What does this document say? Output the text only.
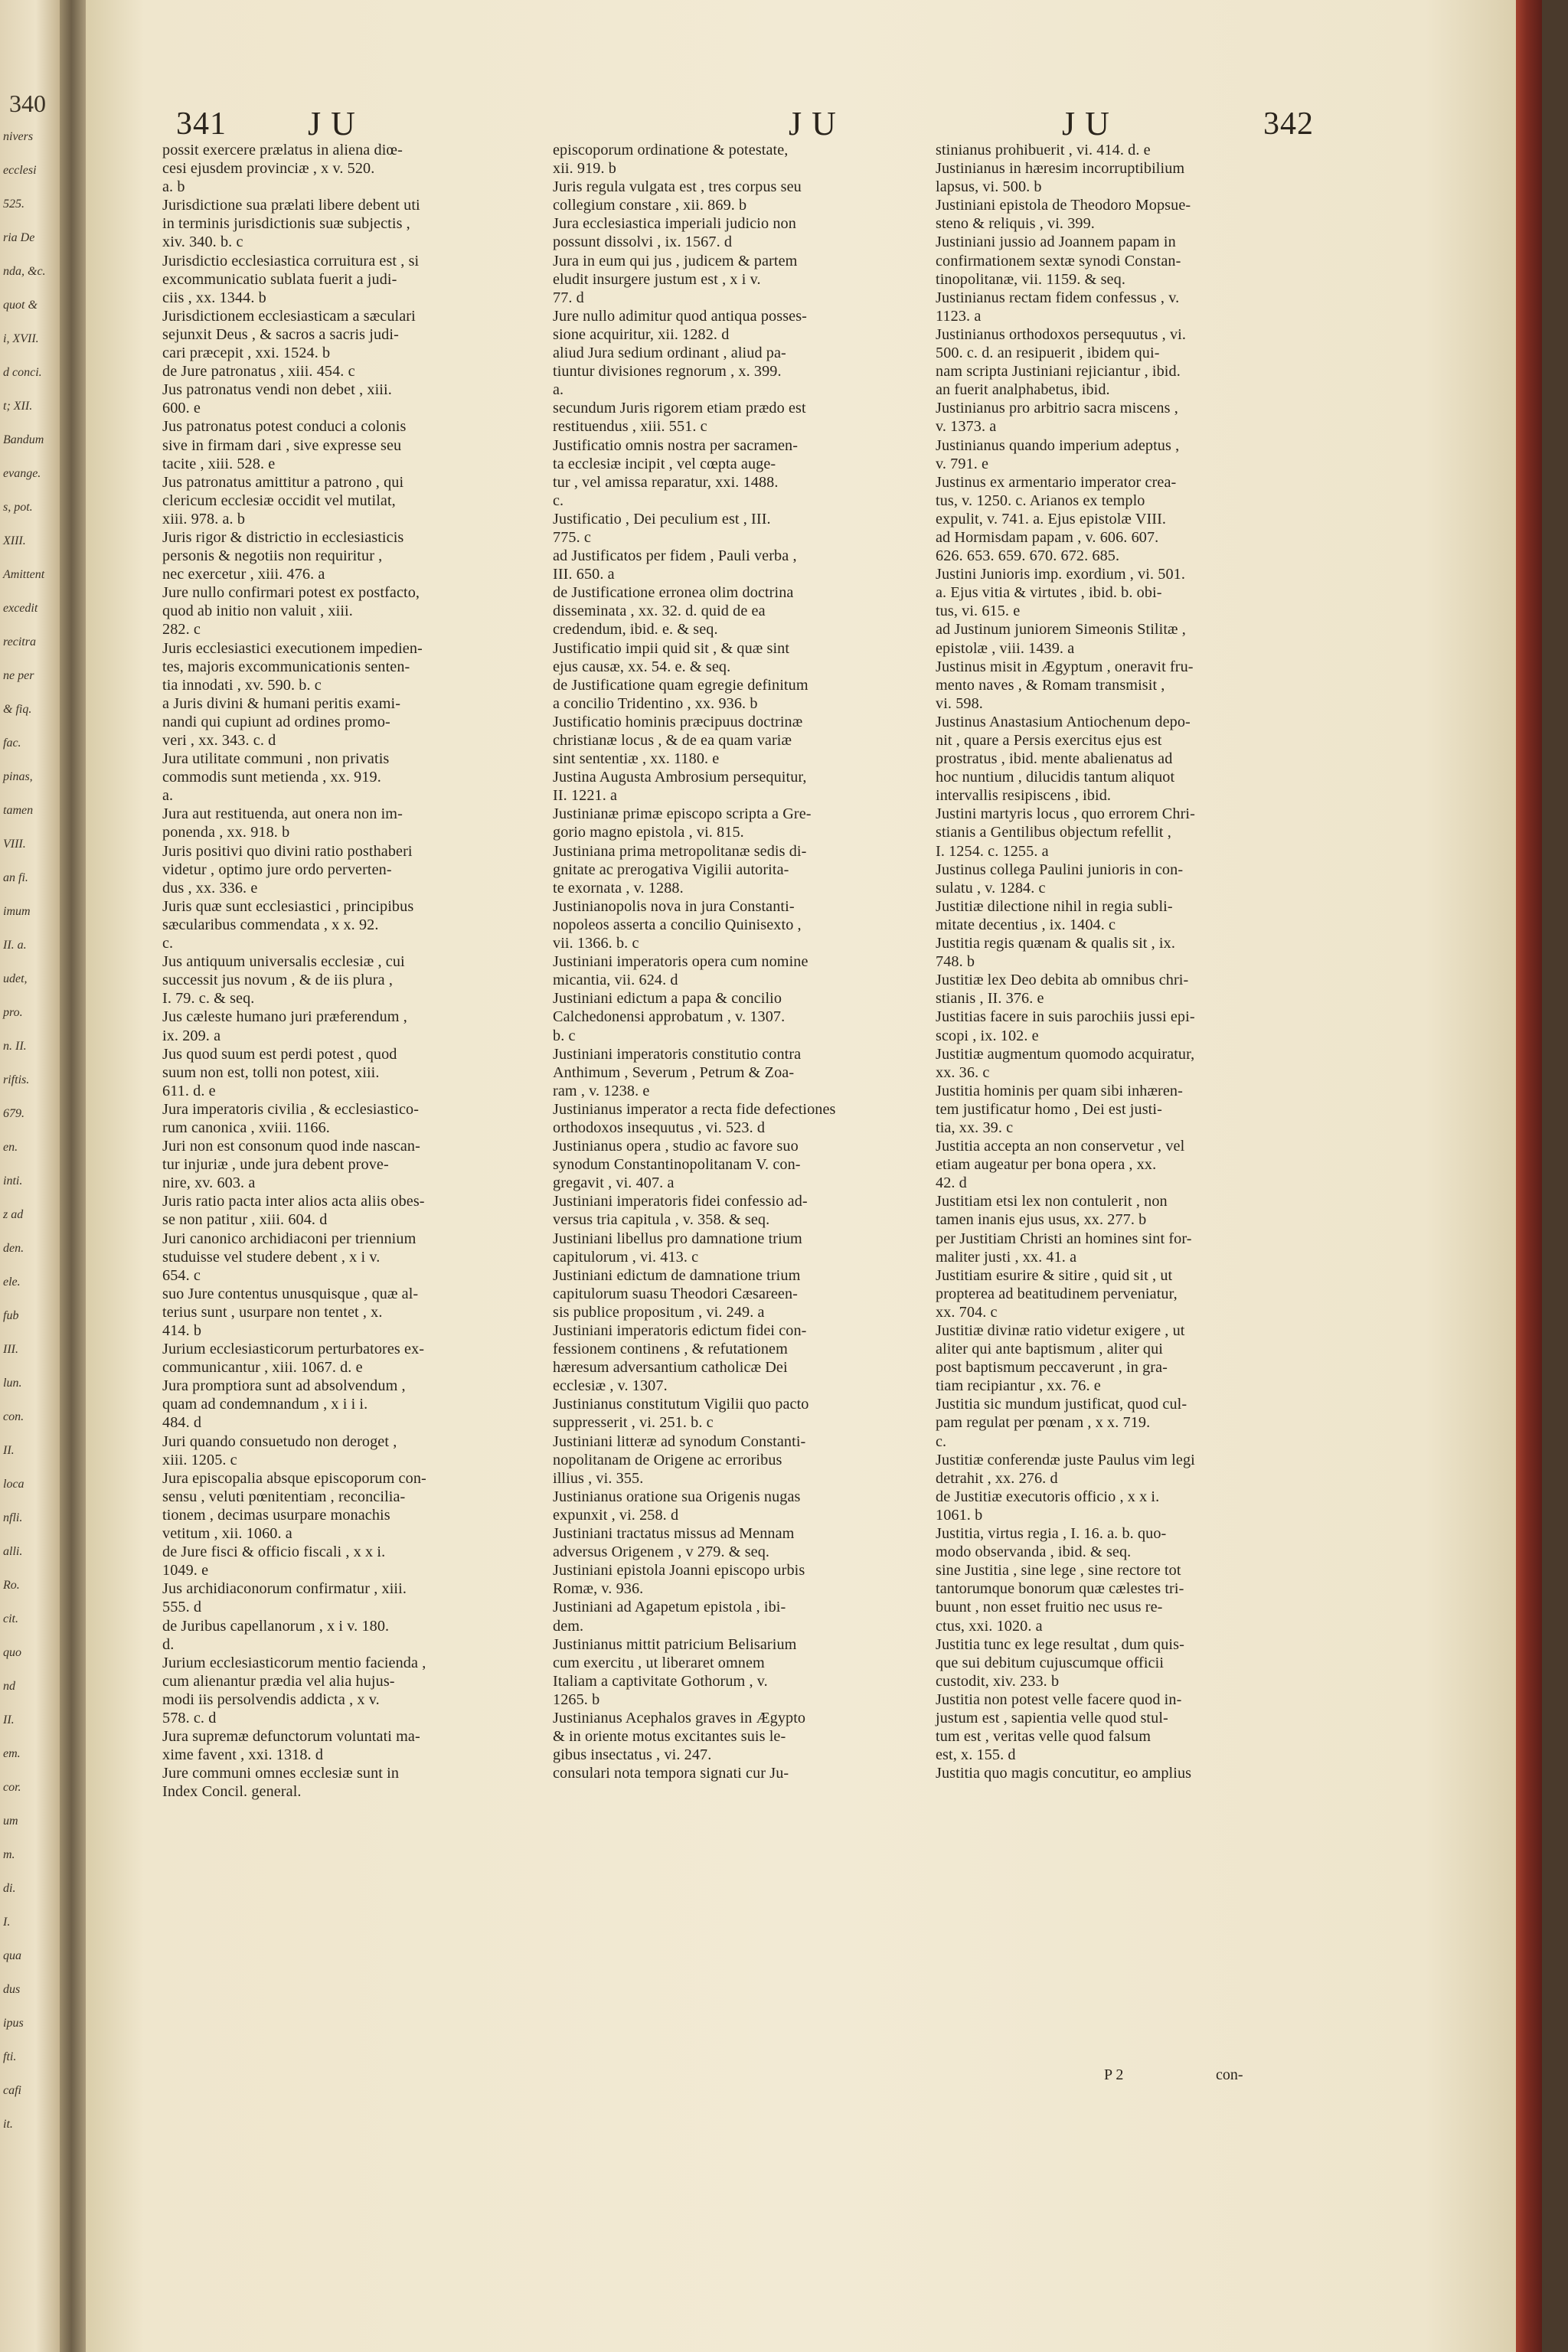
340
nivers
ecclesi
525.
ria De
nda, &c.
quot &
i, XVII.
d conci.
t; XII.
Bandum
evange.
s, pot.
XIII.
Amittent
excedit
recitra
ne per
& fiq.
fac.
pinas,
tamen
VIII.
an fi.
imum
II. a.
udet,
pro.
n. II.
riftis.
679.
en.
inti.
z ad
den.
ele.
fub
III.
lun.
con.
II.
loca
nfli.
alli.
Ro.
cit.
quo
nd
II.
em.
cor.
um
m.
di.
I.
qua
dus
ipus
fti.
cafi
it.
341 J U	J U	J U	342
possit exercere prælatus in aliena diœ-
cesi ejusdem provinciæ , x v. 520.
a. b
Jurisdictione sua prælati libere debent uti
in terminis jurisdictionis suæ subjectis ,
xiv. 340. b. c
Jurisdictio ecclesiastica corruitura est , si
excommunicatio sublata fuerit a judi-
ciis , xx. 1344. b
Jurisdictionem ecclesiasticam a sæculari
sejunxit Deus , & sacros a sacris judi-
cari præcepit , xxi. 1524. b
de Jure patronatus , xiii. 454. c
Jus patronatus vendi non debet , xiii.
600. e
Jus patronatus potest conduci a colonis
sive in firmam dari , sive expresse seu
tacite , xiii. 528. e
Jus patronatus amittitur a patrono , qui
clericum ecclesiæ occidit vel mutilat,
xiii. 978. a. b
Juris rigor & districtio in ecclesiasticis
personis & negotiis non requiritur ,
nec exercetur , xiii. 476. a
Jure nullo confirmari potest ex postfacto,
quod ab initio non valuit , xiii.
282. c
Juris ecclesiastici executionem impedien-
tes, majoris excommunicationis senten-
tia innodati , xv. 590. b. c
a Juris divini & humani peritis exami-
nandi qui cupiunt ad ordines promo-
veri , xx. 343. c. d
Jura utilitate communi , non privatis
commodis sunt metienda , xx. 919.
a.
Jura aut restituenda, aut onera non im-
ponenda , xx. 918. b
Juris positivi quo divini ratio posthaberi
videtur , optimo jure ordo perverten-
dus , xx. 336. e
Juris quæ sunt ecclesiastici , principibus
sæcularibus commendata , x x. 92.
c.
Jus antiquum universalis ecclesiæ , cui
successit jus novum , & de iis plura ,
I. 79. c. & seq.
Jus cæleste humano juri præferendum ,
ix. 209. a
Jus quod suum est perdi potest , quod
suum non est, tolli non potest, xiii.
611. d. e
Jura imperatoris civilia , & ecclesiastico-
rum canonica , xviii. 1166.
Juri non est consonum quod inde nascan-
tur injuriæ , unde jura debent prove-
nire, xv. 603. a
Juris ratio pacta inter alios acta aliis obes-
se non patitur , xiii. 604. d
Juri canonico archidiaconi per triennium
studuisse vel studere debent , x i v.
654. c
suo Jure contentus unusquisque , quæ al-
terius sunt , usurpare non tentet , x.
414. b
Jurium ecclesiasticorum perturbatores ex-
communicantur , xiii. 1067. d. e
Jura promptiora sunt ad absolvendum ,
quam ad condemnandum , x i i i.
484. d
Juri quando consuetudo non deroget ,
xiii. 1205. c
Jura episcopalia absque episcoporum con-
sensu , veluti pœnitentiam , reconcilia-
tionem , decimas usurpare monachis
vetitum , xii. 1060. a
de Jure fisci & officio fiscali , x x i.
1049. e
Jus archidiaconorum confirmatur , xiii.
555. d
de Juribus capellanorum , x i v. 180.
d.
Jurium ecclesiasticorum mentio facienda ,
cum alienantur prædia vel alia hujus-
modi iis persolvendis addicta , x v.
578. c. d
Jura supremæ defunctorum voluntati ma-
xime favent , xxi. 1318. d
Jure communi omnes ecclesiæ sunt in
Index Concil. general.
episcoporum ordinatione & potestate,
xii. 919. b
Juris regula vulgata est , tres corpus seu
collegium constare , xii. 869. b
Jura ecclesiastica imperiali judicio non
possunt dissolvi , ix. 1567. d
Jura in eum qui jus , judicem & partem
eludit insurgere justum est , x i v.
77. d
Jure nullo adimitur quod antiqua posses-
sione acquiritur, xii. 1282. d
aliud Jura sedium ordinant , aliud pa-
tiuntur divisiones regnorum , x. 399.
a.
secundum Juris rigorem etiam prædo est
restituendus , xiii. 551. c
Justificatio omnis nostra per sacramen-
ta ecclesiæ incipit , vel cœpta auge-
tur , vel amissa reparatur, xxi. 1488.
c.
Justificatio , Dei peculium est , III.
775. c
ad Justificatos per fidem , Pauli verba ,
III. 650. a
de Justificatione erronea olim doctrina
disseminata , xx. 32. d. quid de ea
credendum, ibid. e. & seq.
Justificatio impii quid sit , & quæ sint
ejus causæ, xx. 54. e. & seq.
de Justificatione quam egregie definitum
a concilio Tridentino , xx. 936. b
Justificatio hominis præcipuus doctrinæ
christianæ locus , & de ea quam variæ
sint sententiæ , xx. 1180. e
Justina Augusta Ambrosium persequitur,
II. 1221. a
Justinianæ primæ episcopo scripta a Gre-
gorio magno epistola , vi. 815.
Justiniana prima metropolitanæ sedis di-
gnitate ac prerogativa Vigilii autorita-
te exornata , v. 1288.
Justinianopolis nova in jura Constanti-
nopoleos asserta a concilio Quinisexto ,
vii. 1366. b. c
Justiniani imperatoris opera cum nomine
micantia, vii. 624. d
Justiniani edictum a papa & concilio
Calchedonensi approbatum , v. 1307.
b. c
Justiniani imperatoris constitutio contra
Anthimum , Severum , Petrum & Zoa-
ram , v. 1238. e
Justinianus imperator a recta fide defectiones
orthodoxos insequutus , vi. 523. d
Justinianus opera , studio ac favore suo
synodum Constantinopolitanam V. con-
gregavit , vi. 407. a
Justiniani imperatoris fidei confessio ad-
versus tria capitula , v. 358. & seq.
Justiniani libellus pro damnatione trium
capitulorum , vi. 413. c
Justiniani edictum de damnatione trium
capitulorum suasu Theodori Cæsareen-
sis publice propositum , vi. 249. a
Justiniani imperatoris edictum fidei con-
fessionem continens , & refutationem
hæresum adversantium catholicæ Dei
ecclesiæ , v. 1307.
Justinianus constitutum Vigilii quo pacto
suppresserit , vi. 251. b. c
Justiniani litteræ ad synodum Constanti-
nopolitanam de Origene ac erroribus
illius , vi. 355.
Justinianus oratione sua Origenis nugas
expunxit , vi. 258. d
Justiniani tractatus missus ad Mennam
adversus Origenem , v 279. & seq.
Justiniani epistola Joanni episcopo urbis
Romæ, v. 936.
Justiniani ad Agapetum epistola , ibi-
dem.
Justinianus mittit patricium Belisarium
cum exercitu , ut liberaret omnem
Italiam a captivitate Gothorum , v.
1265. b
Justinianus Acephalos graves in Ægypto
& in oriente motus excitantes suis le-
gibus insectatus , vi. 247.
consulari nota tempora signati cur Ju-
stinianus prohibuerit , vi. 414. d. e
Justinianus in hæresim incorruptibilium
lapsus, vi. 500. b
Justiniani epistola de Theodoro Mopsue-
steno & reliquis , vi. 399.
Justiniani jussio ad Joannem papam in
confirmationem sextæ synodi Constan-
tinopolitanæ, vii. 1159. & seq.
Justinianus rectam fidem confessus , v.
1123. a
Justinianus orthodoxos persequutus , vi.
500. c. d. an resipuerit , ibidem qui-
nam scripta Justiniani rejiciantur , ibid.
an fuerit analphabetus, ibid.
Justinianus pro arbitrio sacra miscens ,
v. 1373. a
Justinianus quando imperium adeptus ,
v. 791. e
Justinus ex armentario imperator crea-
tus, v. 1250. c. Arianos ex templo
expulit, v. 741. a. Ejus epistolæ VIII.
ad Hormisdam papam , v. 606. 607.
626. 653. 659. 670. 672. 685.
Justini Junioris imp. exordium , vi. 501.
a. Ejus vitia & virtutes , ibid. b. obi-
tus, vi. 615. e
ad Justinum juniorem Simeonis Stilitæ ,
epistolæ , viii. 1439. a
Justinus misit in Ægyptum , oneravit fru-
mento naves , & Romam transmisit ,
vi. 598.
Justinus Anastasium Antiochenum depo-
nit , quare a Persis exercitus ejus est
prostratus , ibid. mente abalienatus ad
hoc nuntium , dilucidis tantum aliquot
intervallis resipiscens , ibid.
Justini martyris locus , quo errorem Chri-
stianis a Gentilibus objectum refellit ,
I. 1254. c. 1255. a
Justinus collega Paulini junioris in con-
sulatu , v. 1284. c
Justitiæ dilectione nihil in regia subli-
mitate decentius , ix. 1404. c
Justitia regis quænam & qualis sit , ix.
748. b
Justitiæ lex Deo debita ab omnibus chri-
stianis , II. 376. e
Justitias facere in suis parochiis jussi epi-
scopi , ix. 102. e
Justitiæ augmentum quomodo acquiratur,
xx. 36. c
Justitia hominis per quam sibi inhæren-
tem justificatur homo , Dei est justi-
tia, xx. 39. c
Justitia accepta an non conservetur , vel
etiam augeatur per bona opera , xx.
42. d
Justitiam etsi lex non contulerit , non
tamen inanis ejus usus, xx. 277. b
per Justitiam Christi an homines sint for-
maliter justi , xx. 41. a
Justitiam esurire & sitire , quid sit , ut
propterea ad beatitudinem perveniatur,
xx. 704. c
Justitiæ divinæ ratio videtur exigere , ut
aliter qui ante baptismum , aliter qui
post baptismum peccaverunt , in gra-
tiam recipiantur , xx. 76. e
Justitia sic mundum justificat, quod cul-
pam regulat per pœnam , x x. 719.
c.
Justitiæ conferendæ juste Paulus vim legi
detrahit , xx. 276. d
de Justitiæ executoris officio , x x i.
1061. b
Justitia, virtus regia , I. 16. a. b. quo-
modo observanda , ibid. & seq.
sine Justitia , sine lege , sine rectore tot
tantorumque bonorum quæ cælestes tri-
buunt , non esset fruitio nec usus re-
ctus, xxi. 1020. a
Justitia tunc ex lege resultat , dum quis-
que sui debitum cujuscumque officii
custodit, xiv. 233. b
Justitia non potest velle facere quod in-
justum est , sapientia velle quod stul-
tum est , veritas velle quod falsum
est, x. 155. d
Justitia quo magis concutitur, eo amplius
P 2	con-
